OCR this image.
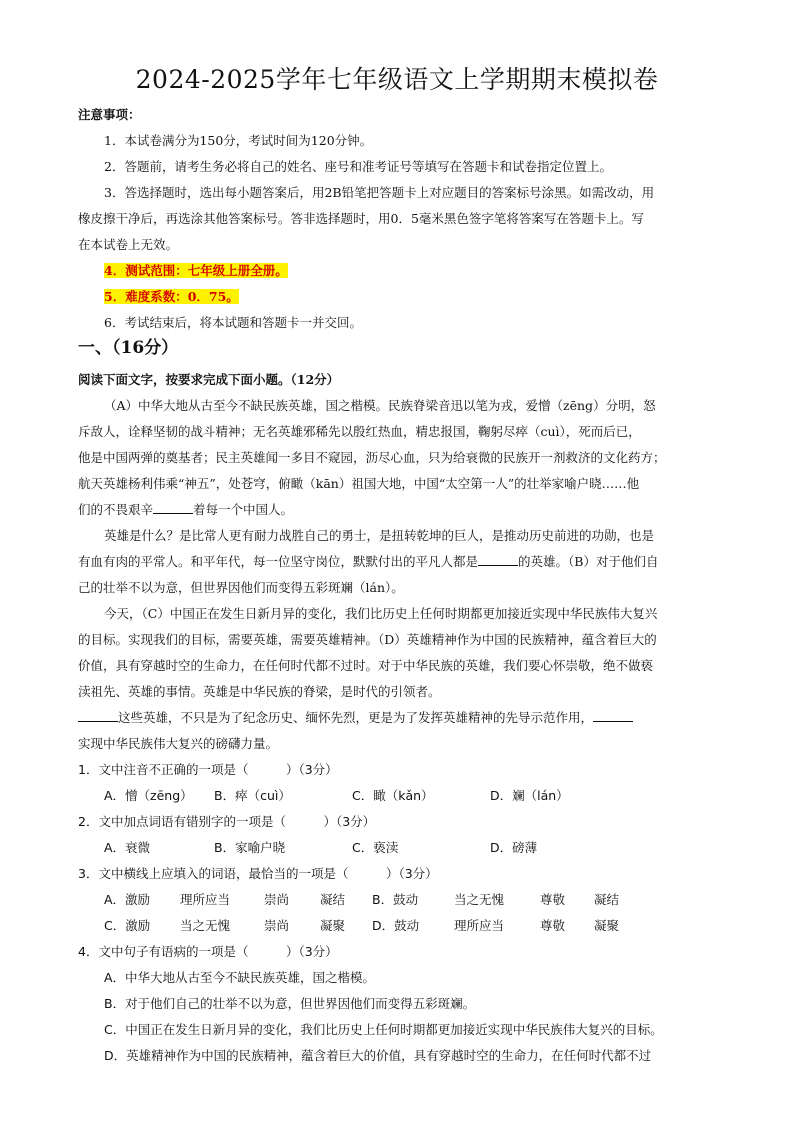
2024-2025学年七年级语文上学期期末模拟卷
注意事项：
1．本试卷满分为150分，考试时间为120分钟。
2．答题前，请考生务必将自己的姓名、座号和准考证号等填写在答题卡和试卷指定位置上。
3．答选择题时，选出每小题答案后，用2B铅笔把答题卡上对应题目的答案标号涂黑。如需改动，用
橡皮擦干净后，再选涂其他答案标号。答非选择题时，用0．5毫米黑色签字笔将答案写在答题卡上。写
在本试卷上无效。
4．测试范围：七年级上册全册。
5．难度系数：0．75。
6．考试结束后，将本试题和答题卡一并交回。
一、（16分）
阅读下面文字，按要求完成下面小题。（12分）
（A）中华大地从古至今不缺民族英雄，国之楷模。民族脊梁音迅以笔为戎，爱憎（zēng）分明，怒
斥敌人，诠释坚韧的战斗精神；无名英雄邪稀先以殷红热血，精忠报国，鞠躬尽瘁（cuì），死而后已，
他是中国两弹的奠基者；民主英雄闻一多目不窥园，沥尽心血，只为给衰微的民族开一剂救济的文化药方；
航天英雄杨利伟乘“神五”，处苍穹，俯瞰（kān）祖国大地，中国“太空第一人”的壮举家喻户晓……他
们的不畏艰辛	着每一个中国人。
英雄是什么？是比常人更有耐力战胜自己的勇士，是扭转乾坤的巨人，是推动历史前进的功勋，也是
有血有肉的平常人。和平年代，每一位坚守岗位，默默付出的平凡人都是	的英雄。（B）对于他们自
己的壮举不以为意，但世界因他们而变得五彩斑斓（lán）。
今天，（C）中国正在发生日新月异的变化，我们比历史上任何时期都更加接近实现中华民族伟大复兴
的目标。实现我们的目标，需要英雄，需要英雄精神。（D）英雄精神作为中国的民族精神，蕴含着巨大的
价值，具有穿越时空的生命力，在任何时代都不过时。对于中华民族的英雄，我们要心怀崇敬，绝不做亵
渎祖先、英雄的事情。英雄是中华民族的脊梁，是时代的引领者。
这些英雄，不只是为了纪念历史、缅怀先烈，更是为了发挥英雄精神的先导示范作用，
实现中华民族伟大复兴的磅礴力量。
1．文中注音不正确的一项是（　　　）（3分）
A．憎（zēng）	B．瘁（cuì）	C．瞰（kǎn）	D．斓（lán）
2．文中加点词语有错别字的一项是（　　　）（3分）
A．衰微	B．家喻户晓	C．亵渎	D．磅薄
3．文中横线上应填入的词语，最恰当的一项是（　　　）（3分）
A．激励	理所应当	崇尚	凝结	B．鼓动	当之无愧	尊敬	凝结
C．激励	当之无愧	崇尚	凝聚	D．鼓动	理所应当	尊敬	凝聚
4．文中句子有语病的一项是（　　　）（3分）
A．中华大地从古至今不缺民族英雄，国之楷模。
B．对于他们自己的壮举不以为意，但世界因他们而变得五彩斑斓。
C．中国正在发生日新月异的变化，我们比历史上任何时期都更加接近实现中华民族伟大复兴的目标。
D．英雄精神作为中国的民族精神，蕴含着巨大的价值，具有穿越时空的生命力，在任何时代都不过
